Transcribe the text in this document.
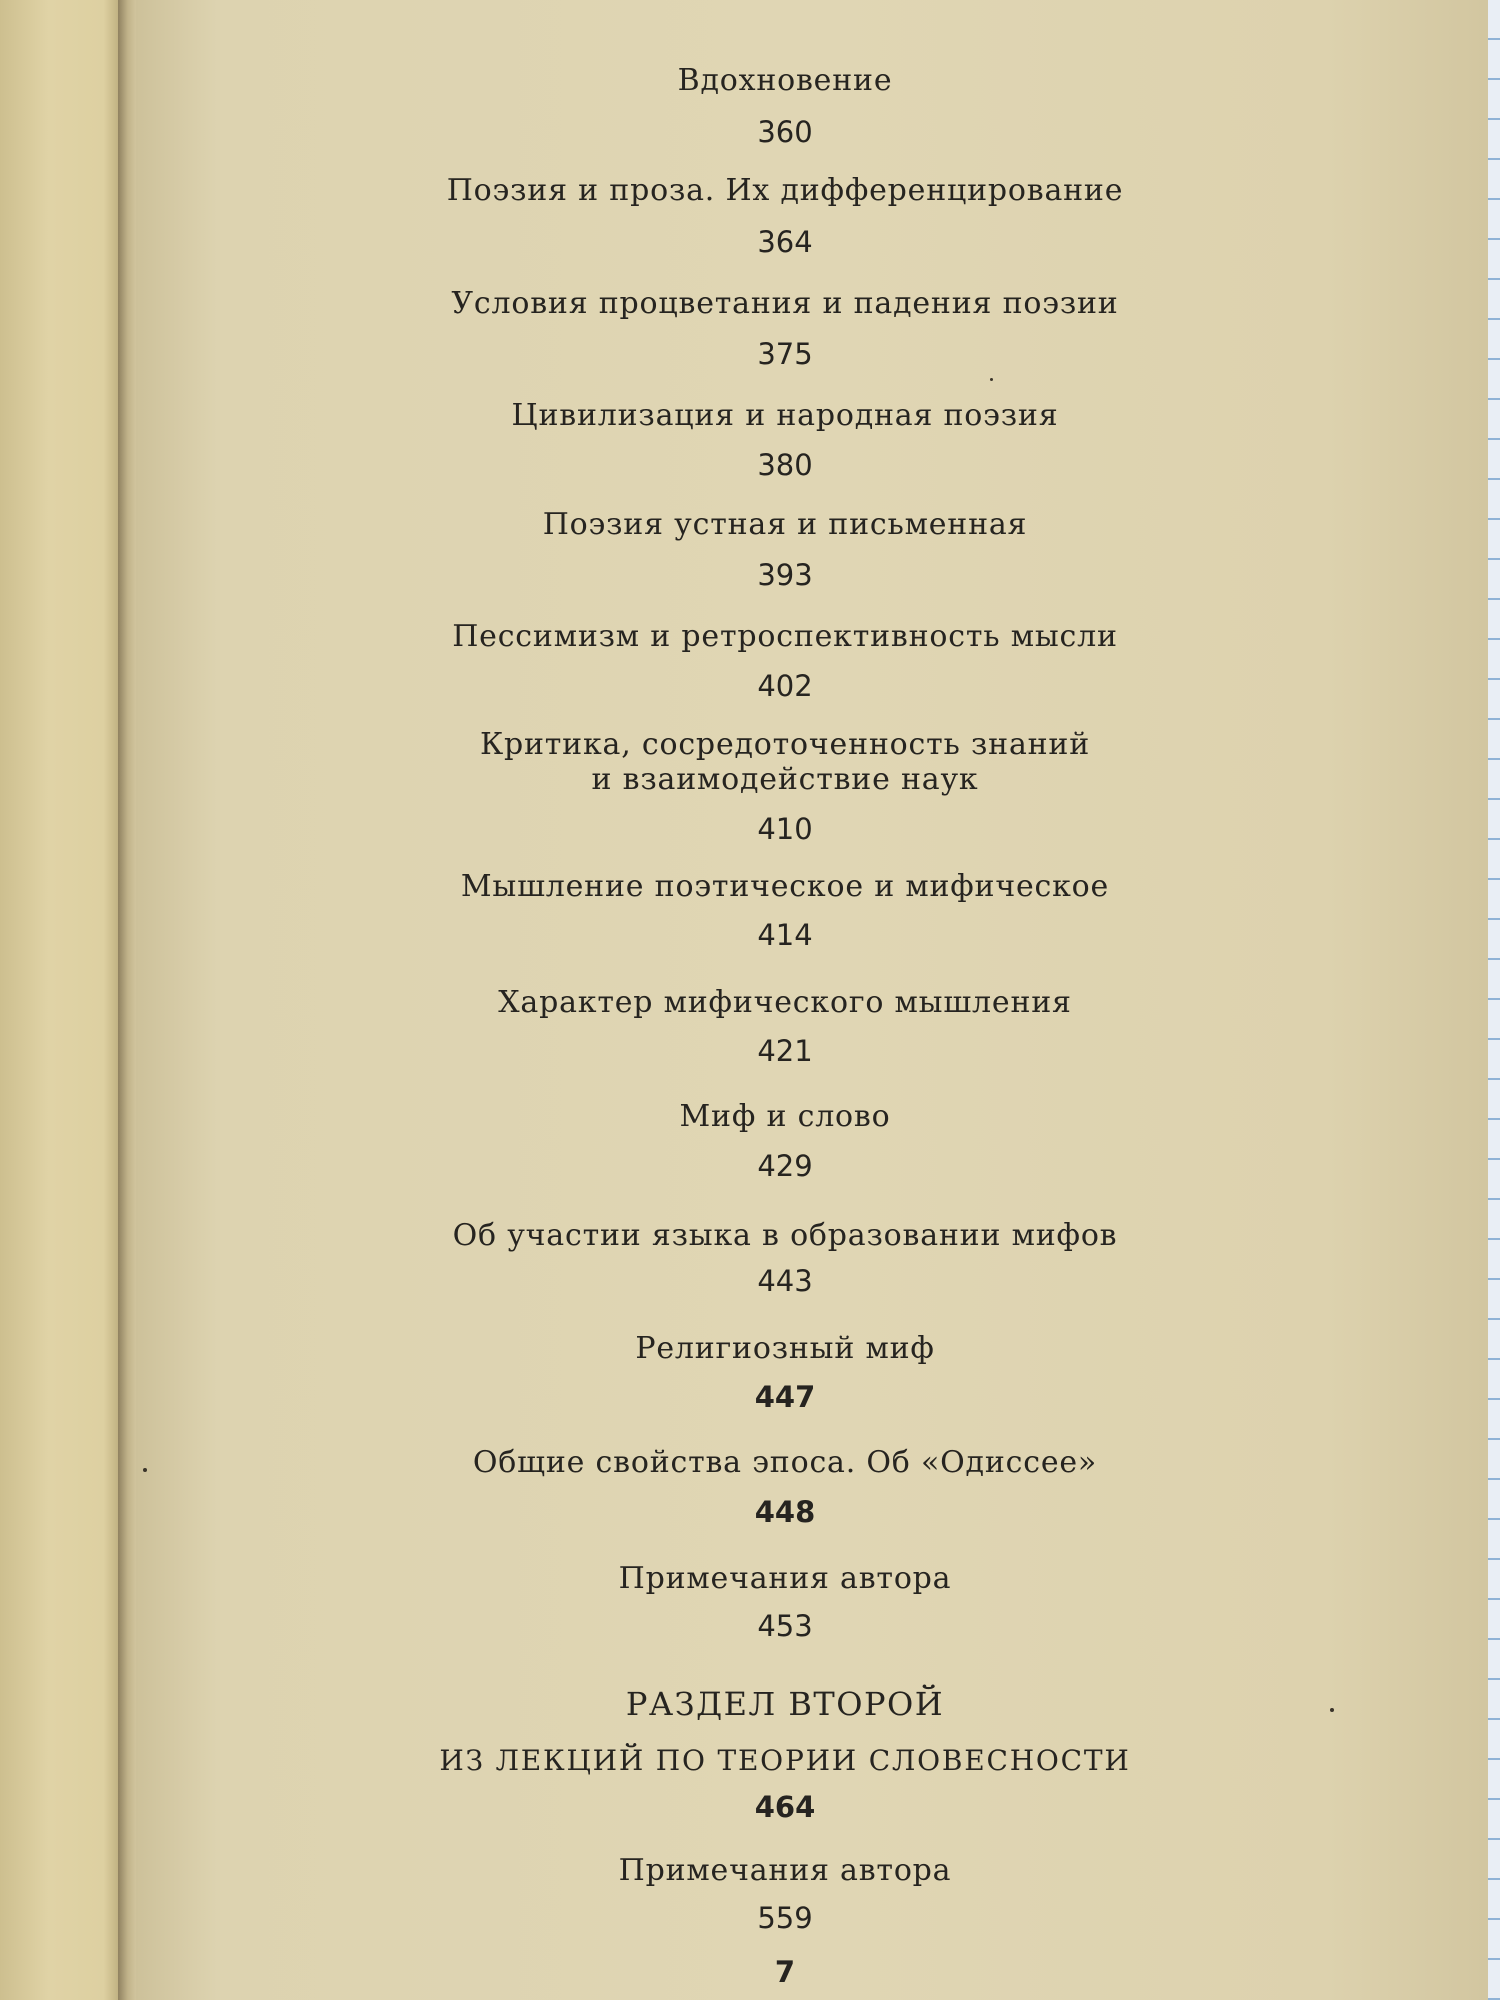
Вдохновение
360
Поэзия и проза. Их дифференцирование
364
Условия процветания и падения поэзии
375
Цивилизация и народная поэзия
380
Поэзия устная и письменная
393
Пессимизм и ретроспективность мысли
402
Критика, сосредоточенность знаний
и взаимодействие наук
410
Мышление поэтическое и мифическое
414
Характер мифического мышления
421
Миф и слово
429
Об участии языка в образовании мифов
443
Религиозный миф
447
Общие свойства эпоса. Об «Одиссее»
448
Примечания автора
453
РАЗДЕЛ ВТОРОЙ
ИЗ ЛЕКЦИЙ ПО ТЕОРИИ СЛОВЕСНОСТИ
464
Примечания автора
559
7
